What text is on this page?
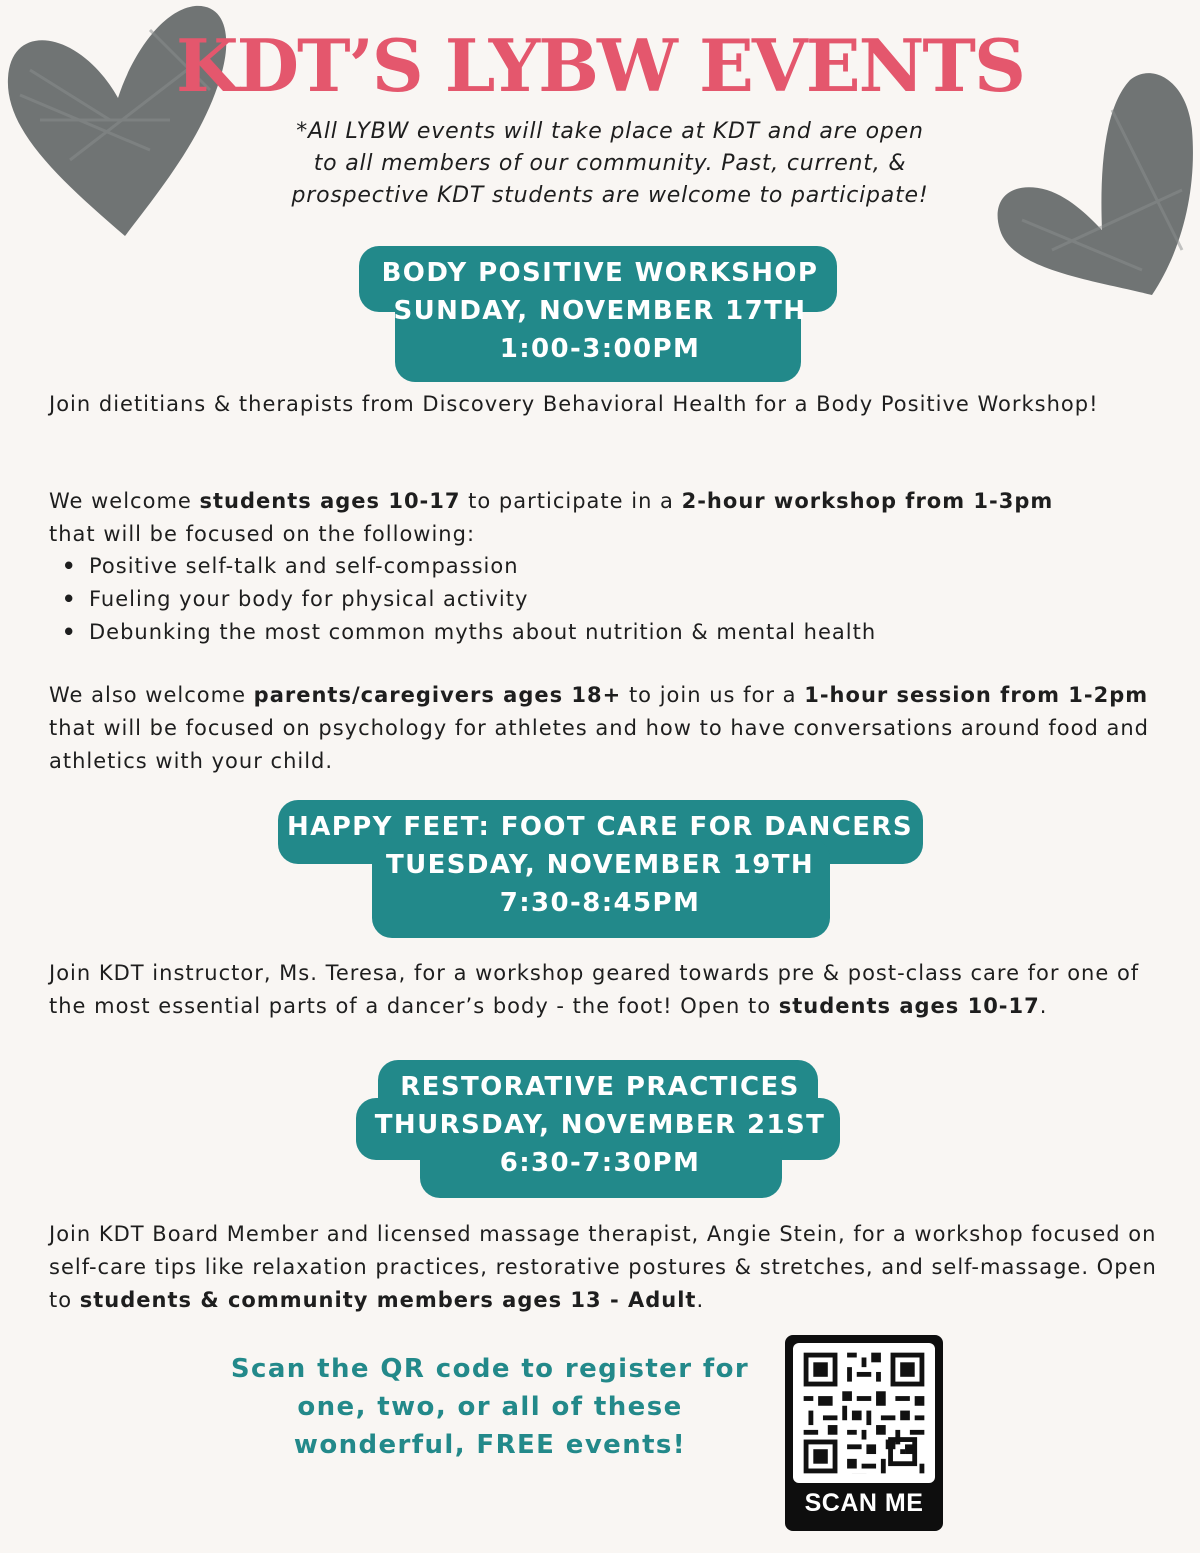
KDT’S LYBW EVENTS
*All LYBW events will take place at KDT and are open
to all members of our community. Past, current, &
prospective KDT students are welcome to participate!
BODY POSITIVE WORKSHOP
SUNDAY, NOVEMBER 17TH
1:00-3:00PM
Join dietitians & therapists from Discovery Behavioral Health for a Body Positive Workshop!
We welcome students ages 10-17 to participate in a 2-hour workshop from 1-3pm
that will be focused on the following:
• Positive self-talk and self-compassion
• Fueling your body for physical activity
• Debunking the most common myths about nutrition & mental health
We also welcome parents/caregivers ages 18+ to join us for a 1-hour session from 1-2pm that will be focused on psychology for athletes and how to have conversations around food and athletics with your child.
HAPPY FEET: FOOT CARE FOR DANCERS
TUESDAY, NOVEMBER 19TH
7:30-8:45PM
Join KDT instructor, Ms. Teresa, for a workshop geared towards pre & post-class care for one of the most essential parts of a dancer’s body - the foot! Open to students ages 10-17.
RESTORATIVE PRACTICES
THURSDAY, NOVEMBER 21ST
6:30-7:30PM
Join KDT Board Member and licensed massage therapist, Angie Stein, for a workshop focused on self-care tips like relaxation practices, restorative postures & stretches, and self-massage. Open to students & community members ages 13 - Adult.
Scan the QR code to register for
one, two, or all of these
wonderful, FREE events!
SCAN ME
